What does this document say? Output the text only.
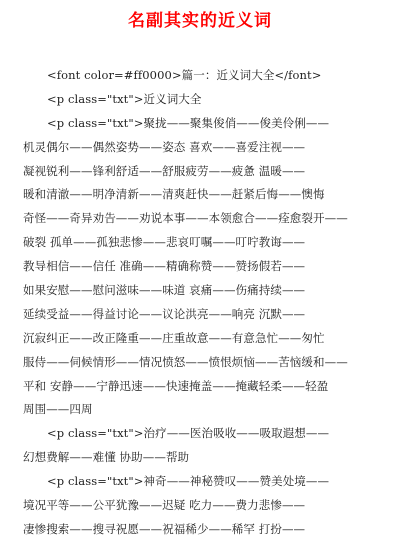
名副其实的近义词
<font color=#ff0000>篇一：近义词大全</font>
<p class="txt">近义词大全
<p class="txt">聚拢——聚集俊俏——俊美伶俐——
机灵偶尔——偶然姿势——姿态 喜欢——喜爱注视——
凝视锐利——锋利舒适——舒服疲劳——疲惫 温暖——
暖和清澈——明净清新——清爽赶快——赶紧后悔——懊悔
奇怪——奇异劝告——劝说本事——本领愈合——痊愈裂开——
破裂 孤单——孤独悲惨——悲哀叮嘱——叮咛教诲——
教导相信——信任 准确——精确称赞——赞扬假若——
如果安慰——慰问滋味——味道 哀痛——伤痛持续——
延续受益——得益讨论——议论洪亮——响亮 沉默——
沉寂纠正——改正隆重——庄重故意——有意急忙——匆忙
服侍——伺候情形——情况愤怒——愤恨烦恼——苦恼缓和——
平和 安静——宁静迅速——快速掩盖——掩藏轻柔——轻盈
周围——四周
<p class="txt">治疗——医治吸收——吸取遐想——
幻想费解——难懂 协助——帮助
<p class="txt">神奇——神秘赞叹——赞美处境——
境况平等——公平犹豫——迟疑 吃力——费力悲惨——
凄惨搜索——搜寻祝愿——祝福稀少——稀罕 打扮——
